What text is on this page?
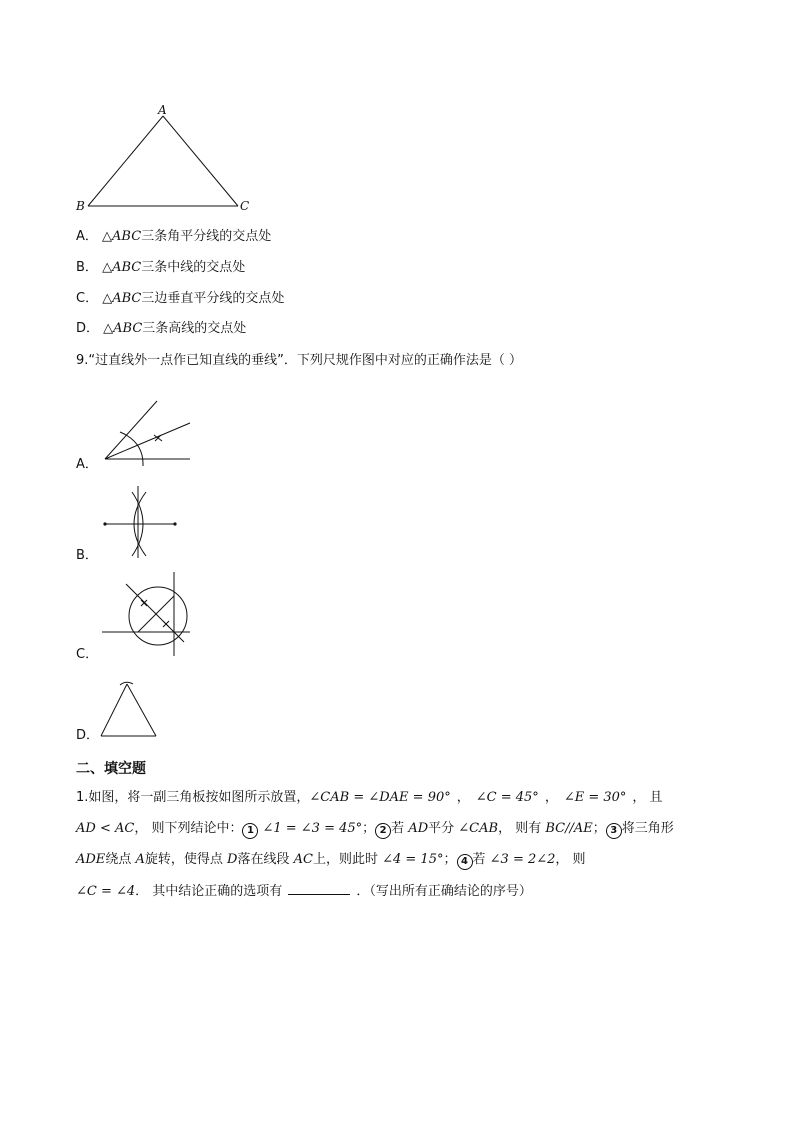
A
B	C
A． △ABC三条角平分线的交点处
B． △ABC三条中线的交点处
C． △ABC三边垂直平分线的交点处
D． △ABC三条高线的交点处
9.“过直线外一点作已知直线的垂线”．下列尺规作图中对应的正确作法是（ ）
A．
B．
C．
D．
二、填空题
1.如图，将一副三角板按如图所示放置，∠CAB = ∠DAE = 90° ， ∠C = 45° ， ∠E = 30° ， 且
AD < AC， 则下列结论中： 1 ∠1 = ∠3 = 45°； 2 若 AD平分 ∠CAB， 则有 BC//AE； 3 将三角形
ADE绕点 A旋转，使得点 D落在线段 AC上，则此时 ∠4 = 15°； 4 若 ∠3 = 2∠2， 则
∠C = ∠4． 其中结论正确的选项有	．（写出所有正确结论的序号）
